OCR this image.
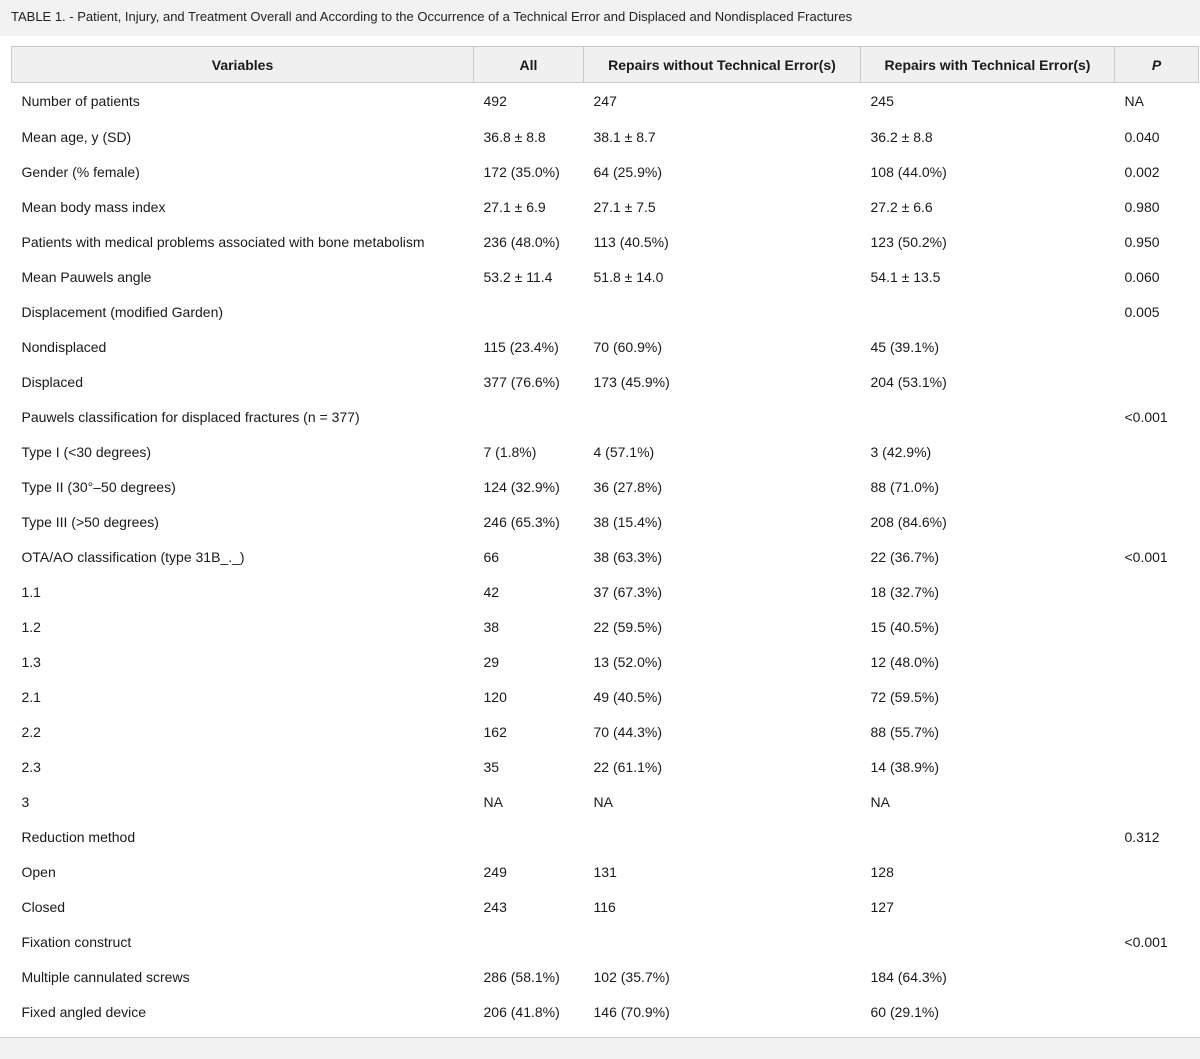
TABLE 1. - Patient, Injury, and Treatment Overall and According to the Occurrence of a Technical Error and Displaced and Nondisplaced Fractures
Variables	All	Repairs without Technical Error(s)	Repairs with Technical Error(s)	P
Number of patients	492	247	245	NA
Mean age, y (SD)	36.8 ± 8.8	38.1 ± 8.7	36.2 ± 8.8	0.040
Gender (% female)	172 (35.0%)	64 (25.9%)	108 (44.0%)	0.002
Mean body mass index	27.1 ± 6.9	27.1 ± 7.5	27.2 ± 6.6	0.980
Patients with medical problems associated with bone metabolism	236 (48.0%)	113 (40.5%)	123 (50.2%)	0.950
Mean Pauwels angle	53.2 ± 11.4	51.8 ± 14.0	54.1 ± 13.5	0.060
Displacement (modified Garden)				0.005
Nondisplaced	115 (23.4%)	70 (60.9%)	45 (39.1%)	
Displaced	377 (76.6%)	173 (45.9%)	204 (53.1%)	
Pauwels classification for displaced fractures (n = 377)				<0.001
Type I (<30 degrees)	7 (1.8%)	4 (57.1%)	3 (42.9%)	
Type II (30°–50 degrees)	124 (32.9%)	36 (27.8%)	88 (71.0%)	
Type III (>50 degrees)	246 (65.3%)	38 (15.4%)	208 (84.6%)	
OTA/AO classification (type 31B_._)	66	38 (63.3%)	22 (36.7%)	<0.001
1.1	42	37 (67.3%)	18 (32.7%)	
1.2	38	22 (59.5%)	15 (40.5%)	
1.3	29	13 (52.0%)	12 (48.0%)	
2.1	120	49 (40.5%)	72 (59.5%)	
2.2	162	70 (44.3%)	88 (55.7%)	
2.3	35	22 (61.1%)	14 (38.9%)	
3	NA	NA	NA	
Reduction method				0.312
Open	249	131	128	
Closed	243	116	127	
Fixation construct				<0.001
Multiple cannulated screws	286 (58.1%)	102 (35.7%)	184 (64.3%)	
Fixed angled device	206 (41.8%)	146 (70.9%)	60 (29.1%)	
